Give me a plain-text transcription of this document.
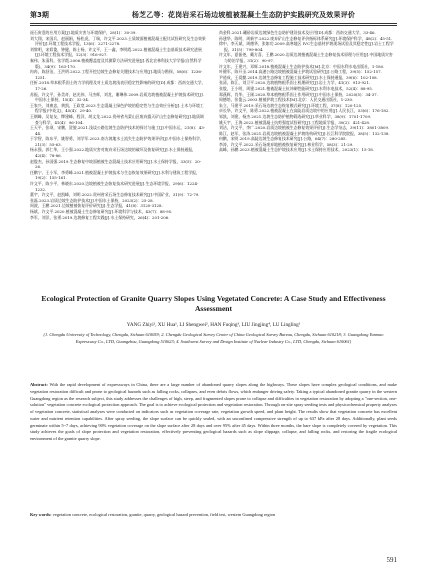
第3期	杨芝乙等：花岗岩采石场边坡植被混凝土生态防护实践研究及效果评价
遥石寅壹的应用方案[J].地质灾害与环境保护，28(1)：30-39.
刘大翔，宋国兵，赵丽娟，杨松虎，丁瑞，许文平.2023.土质坡面植被混凝土配比试验研究及生态效果评价[J].环境工程技术学报，13(6)：2271-2278.
刘黎明，宋彩俊，钟健，陈士杨，许文平，王一鑫，李明霞.2022.植被混凝土生态基质技术研究进展[J].环境工程技术学报，12(3)：916-927.
秦伟，朱清科，张学霞.2006.植被覆盖度及其测算方法研究进展[J].西北农林科技大学学报(自然科学版)，34(9)：163-170.
冉冉，陈舒洁，王洪明.2022.工程开挖边坡生态修复关键技术与应用[J].地质与勘探，58(6)：1236-1251.
任析.2018.草本根系固土的力学机理及对土质边坡浅表层稳定性影响的研究[D].成都：西南交通大学，17-26.
苏振，许文平，孙美奇，赵光伟，马杰辉，刘龙，谢琳伟.2009.岩质边坡植被混凝土护坡技术研究[J].中国水土保持，15(4)：32-34.
王家兴，刘康忠，黄凯，王政宽.2023.生态混凝土绿色护坡的稳定性与生态效应分析[J].土木与环境工程学报(中英文)，45(4)：29-40.
王钢峰，吴复友，缪建峰，程洋，胡文龙.2022.贵州省乌蒙山区废弃露天矿山生态修复研究[J].地质调查与科学，41(4)：96-104.
王天平，张颂，宋鹏，贺骏.2021.浅谈公路边坡生态防护技术的探讨与施工[J].中国水运，21(8)：43-44.
于学智，陈东平，姚智勇，刘学军.2023.南方坡地水土流失生态防护效果评价[J].中国水土保持科学，21(3)：55-63.
杨永强，郭仁华，王小强.2022.地质灾害对废弃采石场边坡的破坏及恢复研究[J].水土保持通报，42(4)：78-86.
赵俊杰，孙国强.2019.生态修复中坡面植被生态混凝土技术应用研究[J].水土保持学报，33(5)：20-26.
任鹏宁，王小军，李勇峰.2021.植被混凝土护坡技术与生态恢复效果研究[J].水利与建筑工程学报，19(2)：155-161.
许文平，陈少平，林晓东.2020.边坡植被生态恢复技术研究进展[J].生态环境学报，29(6)：1224-1232.
董宇，许文平，赵凯峰，刘明.2022.贵州省采石场生态修复技术研究[J].中国矿业，31(9)：72-79.
张磊.2023.岩质边坡生态防护技术[J].中国水土保持，2023(2)：25-28.
周波，王鹏.2021.边坡植被恢复评价研究[J].生态学报，41(8)：3120-3128.
杨斌，许文平.2020.植被混凝土生态修复研究[J].环境科学与技术，43(7)：88-95.
李军，刘洋，张勇.2019.边坡修复工程实践[J].水土保持研究，26(4)：201-206.
尚金科.2021.硼砂岩质边坡绿色生态防护建设技术及应用[D].成都：西南交通大学，33-46.
孙建华，陈明，周新宇.2022.废弃矿山生态修复评价指标体系研究[J].环境保护科学，48(2)：45-51.
徐中，李天斌，周德华，张如功.2009.高寒地区 IVC生态基材护坡现场试验及其稳定性[J].岩土工程学报，31(5)：799-804.
许文年，夏振尧，戴方喜，王鹏.2020.岩质边坡植被混凝土生态修复技术原理与应用[J].中国地质灾害与防治学报，31(2)：90-97.
许文年，王建兴，邓辉.2018.植被混凝土生态防护技术[M].北京：中国水利水电出版社，1-180.
叶健军，陈开圣.2014.高速公路边坡植被混凝土护坡试验研究[J].公路工程，39(5)：152-157.
尹道成，王爱勤.2019.边坡生态修复工程施工技术研究[J].水土保持通报，39(6)：102-108.
张清，陈江，刘卫平.2020.边坡植物根系固土机理研究[J].岩土力学，41(3)：913-921.
张俊，王小明，周建.2021.植被混凝土抗冲刷性能研究[J].水利水电技术，52(4)：88-95.
郑燕辉，肖华，王刚.2020.草本植物根系固土作用研究[J].中国水土保持，2020(5)：34-37.
周德培，张俊云.2003.植被护坡工程技术[M].北京：人民交通出版社，1-230.
朱立，马建平.2019.采石场边坡生态恢复模式研究[J].环境工程，37(8)：120-125.
卓长华，许文平，陈勇.2022.植被混凝土在高陡岩质边坡中的应用[J].人民长江，53(6)：176-182.
邹凯，刘建，杨杰.2021.边坡生态防护植物筛选研究[J].草业科学，38(9)：1701-1709.
姚天宇，王海.2022.植被混凝土抗剪强度试验研究[J].工程地质学报，30(2)：421-428.
刘洁，许文平，李广.2020.岩质边坡植被生态修复效果评价[J].生态学杂志，39(11)：3801-3809.
陈江，赵军，张涛.2021.岩质边坡植被混凝土护坡结构研究[J].长江科学院院报，38(5)：132-138.
何鹏，宋明.2019.高陡边坡生态修复技术研究[J].公路，64(7)：280-285.
李涛，许文平.2022.采石场废弃地植被恢复研究[J].林业科学，58(3)：21-29.
高峰，孙鹏.2023.植被混凝土生态护坡技术应用[J].水土保持应用技术，2023(1)：15-18.
Ecological Protection of Granite Quarry Slopes Using Vegetated Concrete: A Case Study and Effectiveness Assessment
YANG Zhiyi¹, XU Hua¹, LI Shengwei², HAN Fuqing³, LIU Jingjing⁴, LU Lingling¹
(1. Chengdu University of Technology, Chengdu, Sichuan 610059; 2. Chengdu Geological Survey Center of China Geological Survey Bureau, Chengdu, Sichuan 610218; 3. Guangdong Yunmao Expressway Co., LTD, Guangzhou, Guangdong 510623; 4. Southwest Survey and Design Institute of Nuclear Industry Co., LTD, Chengdu, Sichuan 610061)
Abstract: With the rapid development of expressways in China, there are a large number of abandoned quarry slopes along the highways. These slopes have complex geological conditions, and make vegetation restoration difficult and prone to geological hazards such as falling rocks, collapses, and even debris flows, which endanger driving safety. Taking a typical abandoned granite quarry in the western Guangdong region as the research subject, this study addresses the challenges of high, steep, and fragmented slopes prone to collapse and difficulties in vegetation restoration by adopting a "one-section, one-solution" vegetation concrete ecological protection approach. The goal is to achieve ecological protection and vegetation restoration. Through on-site spray seeding tests and physicochemical property analyses of vegetation concrete, statistical analyses were conducted on indicators such as vegetation coverage rate, vegetation growth speed, and plant height. The results show that vegetation concrete has excellent water and nutrient retention capabilities. After spray seeding, the slope surface can be quickly sealed, with an unconfined compressive strength of up to 637 kPa after 28 days. Additionally, plant seeds germinate within 5~7 days, achieving 90% vegetation coverage on the slope surface after 28 days and over 95% after 45 days. Within three months, the bare slope is completely covered by vegetation. This study achieves the goals of slope protection and vegetation restoration, effectively preventing geological hazards such as slope slippage, collapse, and falling rocks, and restoring the fragile ecological environment of the granite quarry slope.
Key words: vegetation concrete, ecological restoration, granite, quarry, geological hazard prevention, field test, western Guangdong region
591
